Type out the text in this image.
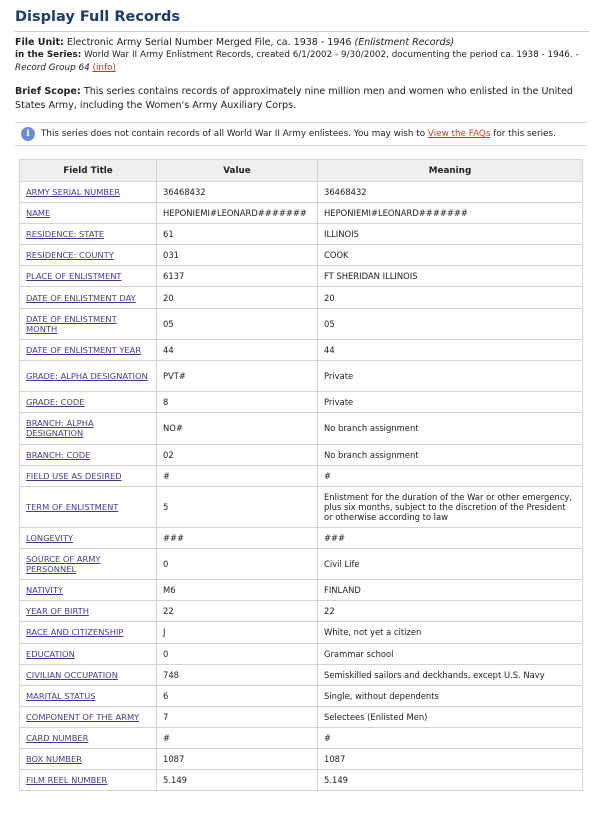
Display Full Records
File Unit: Electronic Army Serial Number Merged File, ca. 1938 - 1946 (Enlistment Records)
in the Series: World War II Army Enlistment Records, created 6/1/2002 - 9/30/2002, documenting the period ca. 1938 - 1946. -
Record Group 64 (info)
Brief Scope: This series contains records of approximately nine million men and women who enlisted in the United States Army, including the Women's Army Auxiliary Corps.
i	This series does not contain records of all World War II Army enlistees. You may wish to View the FAQs for this series.
Field Title	Value	Meaning
ARMY SERIAL NUMBER	36468432	36468432
NAME	HEPONIEMI#LEONARD#######	HEPONIEMI#LEONARD#######
RESIDENCE: STATE	61	ILLINOIS
RESIDENCE: COUNTY	031	COOK
PLACE OF ENLISTMENT	6137	FT SHERIDAN ILLINOIS
DATE OF ENLISTMENT DAY	20	20
DATE OF ENLISTMENT MONTH	05	05
DATE OF ENLISTMENT YEAR	44	44
GRADE: ALPHA DESIGNATION	PVT#	Private
GRADE: CODE	8	Private
BRANCH: ALPHA DESIGNATION	NO#	No branch assignment
BRANCH: CODE	02	No branch assignment
FIELD USE AS DESIRED	#	#
TERM OF ENLISTMENT	5	Enlistment for the duration of the War or other emergency, plus six months, subject to the discretion of the President or otherwise according to law
LONGEVITY	###	###
SOURCE OF ARMY PERSONNEL	0	Civil Life
NATIVITY	M6	FINLAND
YEAR OF BIRTH	22	22
RACE AND CITIZENSHIP	J	White, not yet a citizen
EDUCATION	0	Grammar school
CIVILIAN OCCUPATION	748	Semiskilled sailors and deckhands, except U.S. Navy
MARITAL STATUS	6	Single, without dependents
COMPONENT OF THE ARMY	7	Selectees (Enlisted Men)
CARD NUMBER	#	#
BOX NUMBER	1087	1087
FILM REEL NUMBER	5.149	5.149
